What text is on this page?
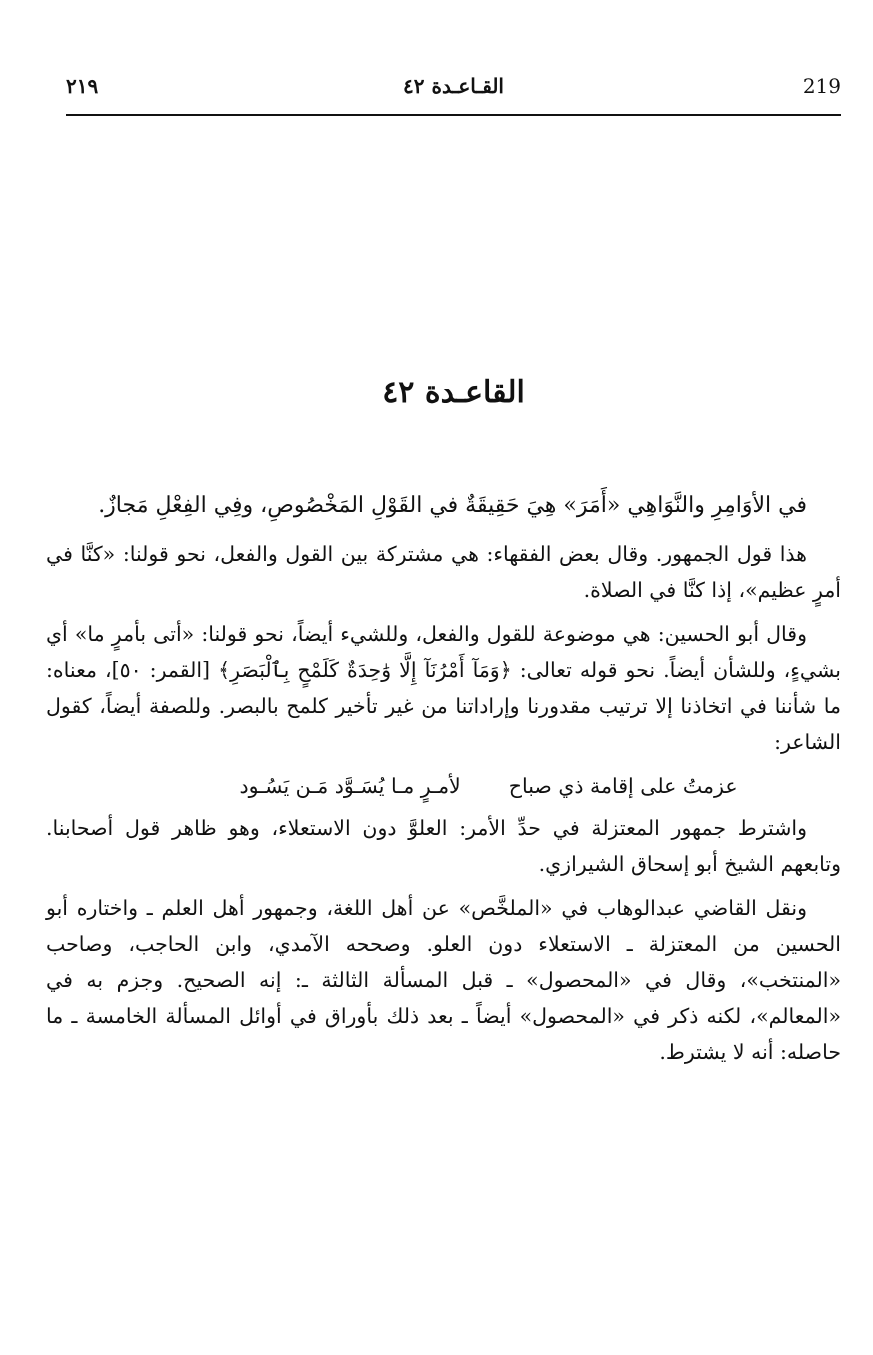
219
القـاعـدة ٤٢
٢١٩
القاعـدة ٤٢

في الأوَامِرِ والنَّوَاهِي «أَمَرَ» هِيَ حَقِيقَةٌ في القَوْلِ المَخْصُوصِ، وفِي الفِعْلِ مَجازٌ.

هذا قول الجمهور. وقال بعض الفقهاء: هي مشتركة بين القول والفعل، نحو قولنا: «كنَّا في أمرٍ عظيم»، إذا كنَّا في الصلاة.

وقال أبو الحسين: هي موضوعة للقول والفعل، وللشيء أيضاً، نحو قولنا: «أتى بأمرٍ ما» أي بشيءٍ، وللشأن أيضاً. نحو قوله تعالى: ﴿وَمَآ أَمْرُنَآ إِلَّا وَٰحِدَةٌ كَلَمْحٍ بِٱلْبَصَرِ﴾ [القمر: ٥٠]، معناه: ما شأننا في اتخاذنا إلا ترتيب مقدورنا وإراداتنا من غير تأخير كلمح بالبصر. وللصفة أيضاً، كقول الشاعر:

عزمتُ على إقامة ذي صباحلأمـرٍ مـا يُسَـوَّد مَـن يَسُـود

واشترط جمهور المعتزلة في حدِّ الأمر: العلوَّ دون الاستعلاء، وهو ظاهر قول أصحابنا. وتابعهم الشيخ أبو إسحاق الشيرازي.

ونقل القاضي عبدالوهاب في «الملخَّص» عن أهل اللغة، وجمهور أهل العلم ـ واختاره أبو الحسين من المعتزلة ـ الاستعلاء دون العلو. وصححه الآمدي، وابن الحاجب، وصاحب «المنتخب»، وقال في «المحصول» ـ قبل المسألة الثالثة ـ: إنه الصحيح. وجزم به في «المعالم»، لكنه ذكر في «المحصول» أيضاً ـ بعد ذلك بأوراق في أوائل المسألة الخامسة ـ ما حاصله: أنه لا يشترط.
